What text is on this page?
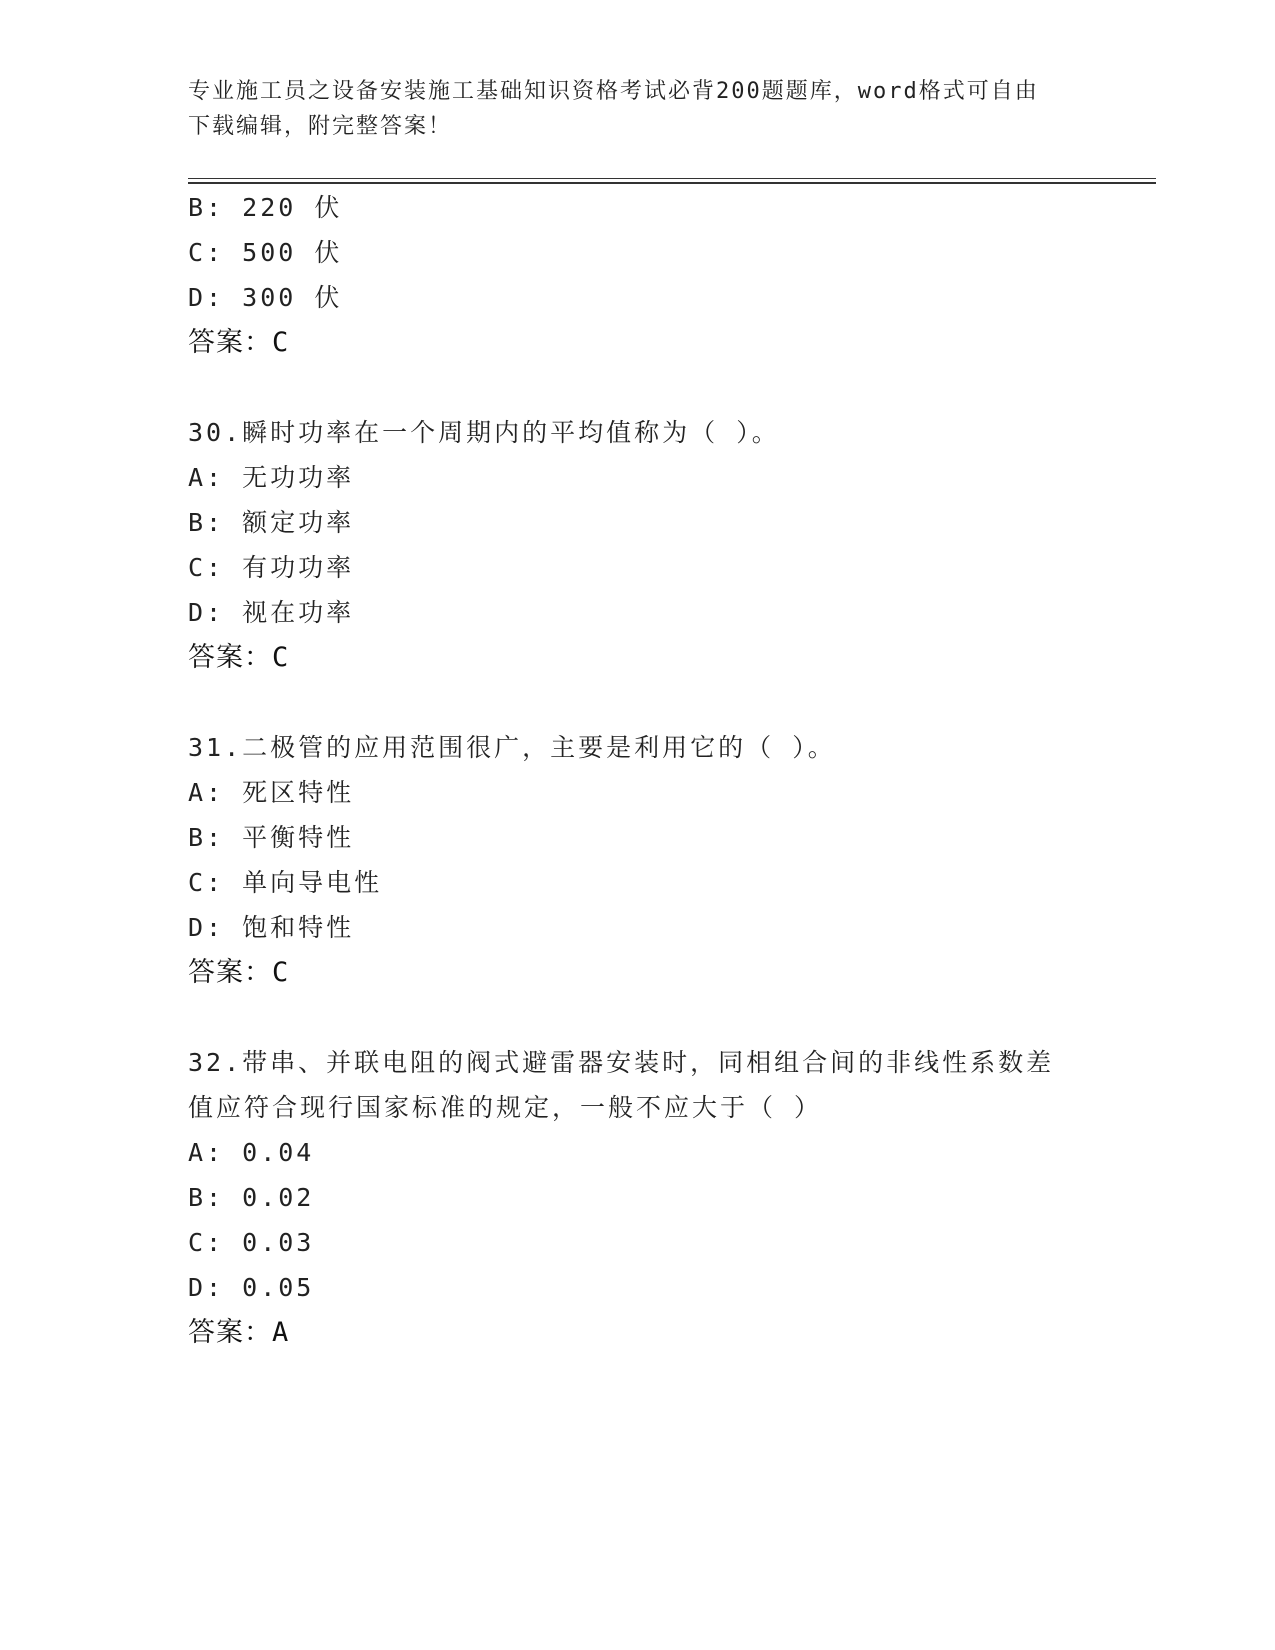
专业施工员之设备安装施工基础知识资格考试必背200题题库，word格式可自由
下载编辑，附完整答案！
B: 220 伏
C: 500 伏
D: 300 伏
答案：C
30.瞬时功率在一个周期内的平均值称为（ ）。
A: 无功功率
B: 额定功率
C: 有功功率
D: 视在功率
答案：C
31.二极管的应用范围很广，主要是利用它的（ ）。
A: 死区特性
B: 平衡特性
C: 单向导电性
D: 饱和特性
答案：C
32.带串、并联电阻的阀式避雷器安装时，同相组合间的非线性系数差
值应符合现行国家标准的规定，一般不应大于（ ）
A: 0.04
B: 0.02
C: 0.03
D: 0.05
答案：A
